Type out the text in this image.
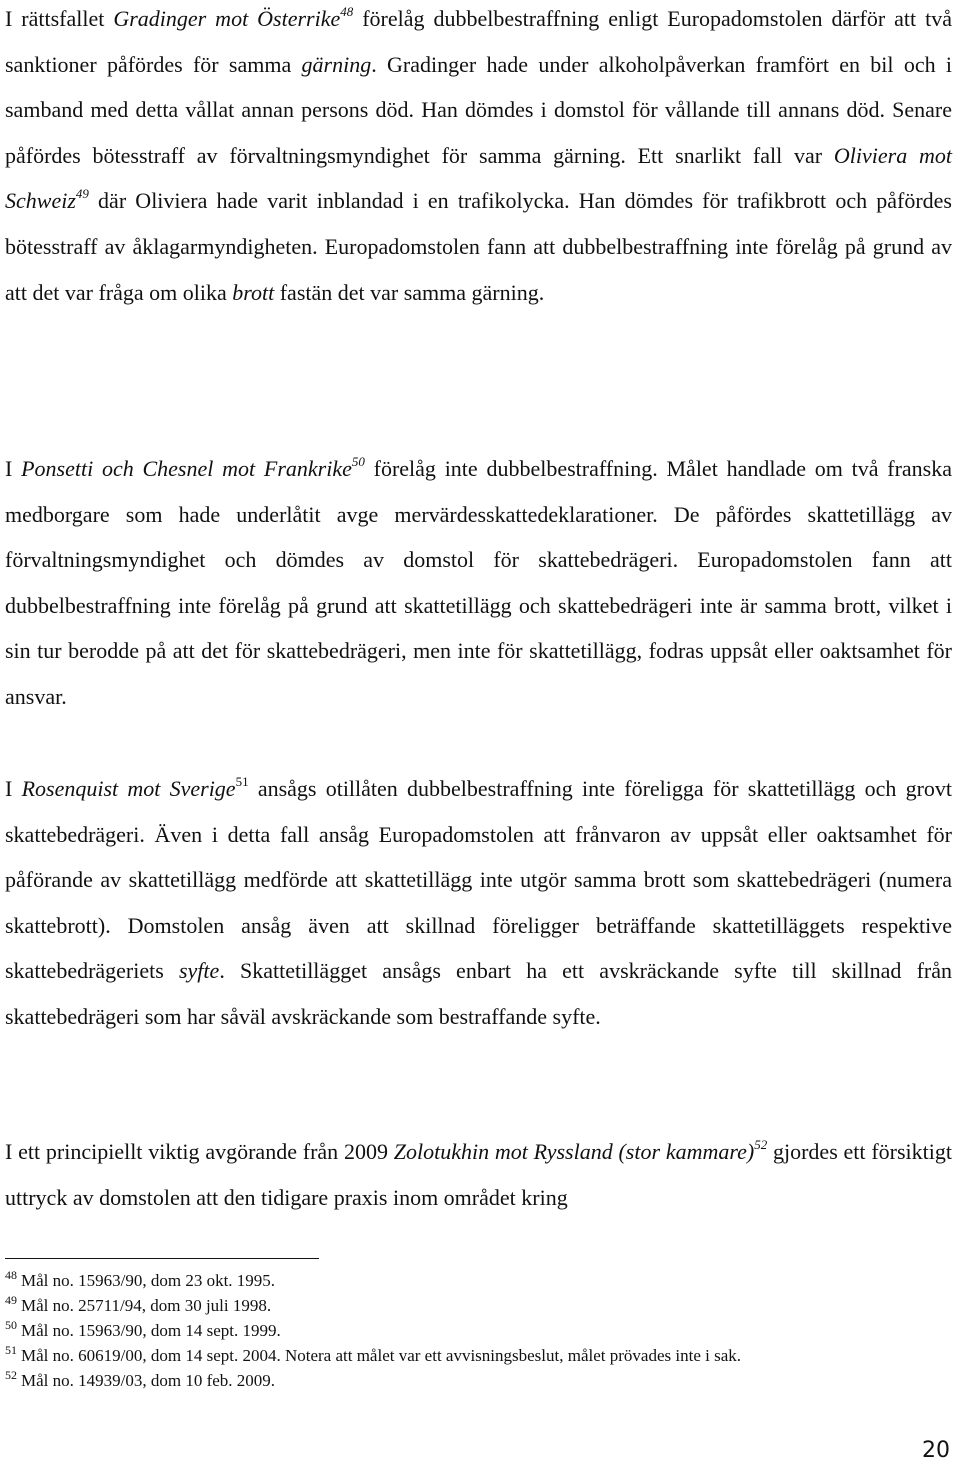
I rättsfallet Gradinger mot Österrike$^{48}$ förelåg dubbelbestraffning enligt Europadomstolen därför att två sanktioner påfördes för samma gärning. Gradinger hade under alkoholpåverkan framfört en bil och i samband med detta vållat annan persons död. Han dömdes i domstol för vållande till annans död. Senare påfördes bötesstraff av förvaltningsmyndighet för samma gärning. Ett snarlikt fall var Oliviera mot Schweiz$^{49}$ där Oliviera hade varit inblandad i en trafikolycka. Han dömdes för trafikbrott och påfördes bötesstraff av åklagarmyndigheten. Europadomstolen fann att dubbelbestraffning inte förelåg på grund av att det var fråga om olika brott fastän det var samma gärning.

I Ponsetti och Chesnel mot Frankrike$^{50}$ förelåg inte dubbelbestraffning. Målet handlade om två franska medborgare som hade underlåtit avge mervärdesskattedeklarationer. De påfördes skattetillägg av förvaltningsmyndighet och dömdes av domstol för skattebedrägeri. Europadomstolen fann att dubbelbestraffning inte förelåg på grund att skattetillägg och skattebedrägeri inte är samma brott, vilket i sin tur berodde på att det för skattebedrägeri, men inte för skattetillägg, fodras uppsåt eller oaktsamhet för ansvar.

I Rosenquist mot Sverige$^{51}$ ansågs otillåten dubbelbestraffning inte föreligga för skattetillägg och grovt skattebedrägeri. Även i detta fall ansåg Europadomstolen att frånvaron av uppsåt eller oaktsamhet för påförande av skattetillägg medförde att skattetillägg inte utgör samma brott som skattebedrägeri (numera skattebrott). Domstolen ansåg även att skillnad föreligger beträffande skattetilläggets respektive skattebedrägeriets syfte. Skattetillägget ansågs enbart ha ett avskräckande syfte till skillnad från skattebedrägeri som har såväl avskräckande som bestraffande syfte.

I ett principiellt viktig avgörande från 2009 Zolotukhin mot Ryssland (stor kammare)$^{52}$ gjordes ett försiktigt uttryck av domstolen att den tidigare praxis inom området kring

$^{48}$ Mål no. 15963/90, dom 23 okt. 1995.
$^{49}$ Mål no. 25711/94, dom 30 juli 1998.
$^{50}$ Mål no. 15963/90, dom 14 sept. 1999.
$^{51}$ Mål no. 60619/00, dom 14 sept. 2004. Notera att målet var ett avvisningsbeslut, målet prövades inte i sak.
$^{52}$ Mål no. 14939/03, dom 10 feb. 2009.
20
